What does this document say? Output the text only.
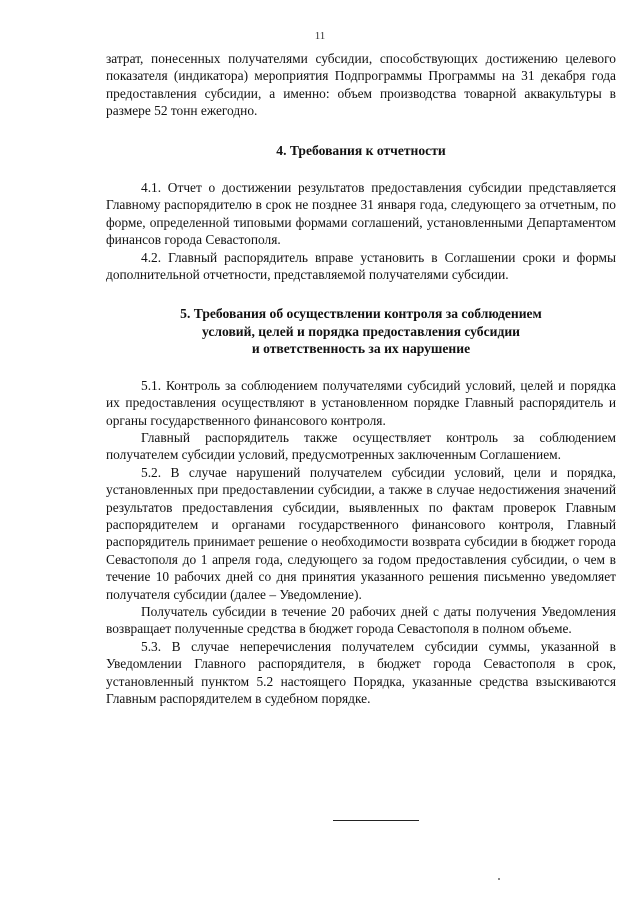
11

затрат, понесенных получателями субсидии, способствующих достижению целевого показателя (индикатора) мероприятия Подпрограммы Программы на 31 декабря года предоставления субсидии, а именно: объем производства товарной аквакультуры в размере 52 тонн ежегодно.

4. Требования к отчетности

4.1. Отчет о достижении результатов предоставления субсидии представляется Главному распорядителю в срок не позднее 31 января года, следующего за отчетным, по форме, определенной типовыми формами соглашений, установленными Департаментом финансов города Севастополя.

4.2. Главный распорядитель вправе установить в Соглашении сроки и формы дополнительной отчетности, представляемой получателями субсидии.

5. Требования об осуществлении контроля за соблюдением
условий, целей и порядка предоставления субсидии
и ответственность за их нарушение

5.1. Контроль за соблюдением получателями субсидий условий, целей и порядка их предоставления осуществляют в установленном порядке Главный распорядитель и органы государственного финансового контроля.

Главный распорядитель также осуществляет контроль за соблюдением получателем субсидии условий, предусмотренных заключенным Соглашением.

5.2. В случае нарушений получателем субсидии условий, цели и порядка, установленных при предоставлении субсидии, а также в случае недостижения значений результатов предоставления субсидии, выявленных по фактам проверок Главным распорядителем и органами государственного финансового контроля, Главный распорядитель принимает решение о необходимости возврата субсидии в бюджет города Севастополя до 1 апреля года, следующего за годом предоставления субсидии, о чем в течение 10 рабочих дней со дня принятия указанного решения письменно уведомляет получателя субсидии (далее – Уведомление).

Получатель субсидии в течение 20 рабочих дней с даты получения Уведомления возвращает полученные средства в бюджет города Севастополя в полном объеме.

5.3. В случае неперечисления получателем субсидии суммы, указанной в Уведомлении Главного распорядителя, в бюджет города Севастополя в срок, установленный пунктом 5.2 настоящего Порядка, указанные средства взыскиваются Главным распорядителем в судебном порядке.
